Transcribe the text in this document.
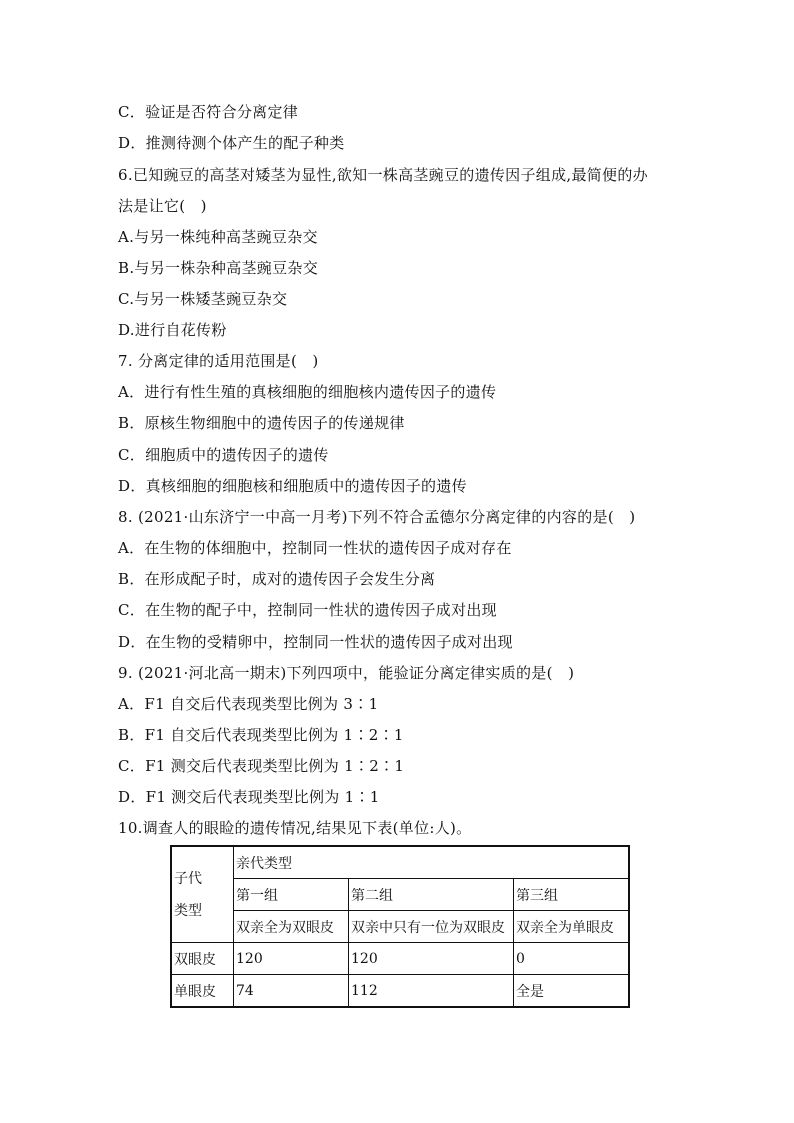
C．验证是否符合分离定律
D．推测待测个体产生的配子种类
6.已知豌豆的高茎对矮茎为显性,欲知一株高茎豌豆的遗传因子组成,最简便的办
法是让它(　)
A.与另一株纯种高茎豌豆杂交
B.与另一株杂种高茎豌豆杂交
C.与另一株矮茎豌豆杂交
D.进行自花传粉
7. 分离定律的适用范围是(　)
A．进行有性生殖的真核细胞的细胞核内遗传因子的遗传
B．原核生物细胞中的遗传因子的传递规律
C．细胞质中的遗传因子的遗传
D．真核细胞的细胞核和细胞质中的遗传因子的遗传
8. (2021·山东济宁一中高一月考)下列不符合孟德尔分离定律的内容的是(　)
A．在生物的体细胞中，控制同一性状的遗传因子成对存在
B．在形成配子时，成对的遗传因子会发生分离
C．在生物的配子中，控制同一性状的遗传因子成对出现
D．在生物的受精卵中，控制同一性状的遗传因子成对出现
9. (2021·河北高一期末)下列四项中，能验证分离定律实质的是(　)
A．F1 自交后代表现类型比例为 3∶1
B．F1 自交后代表现类型比例为 1∶2∶1
C．F1 测交后代表现类型比例为 1∶2∶1
D．F1 测交后代表现类型比例为 1∶1
10.调查人的眼睑的遗传情况,结果见下表(单位:人)。
子代
类型	亲代类型		
	第一组	第二组	第三组
	双亲全为双眼皮	双亲中只有一位为双眼皮	双亲全为单眼皮
双眼皮	120	120	0
单眼皮	74	112	全是
